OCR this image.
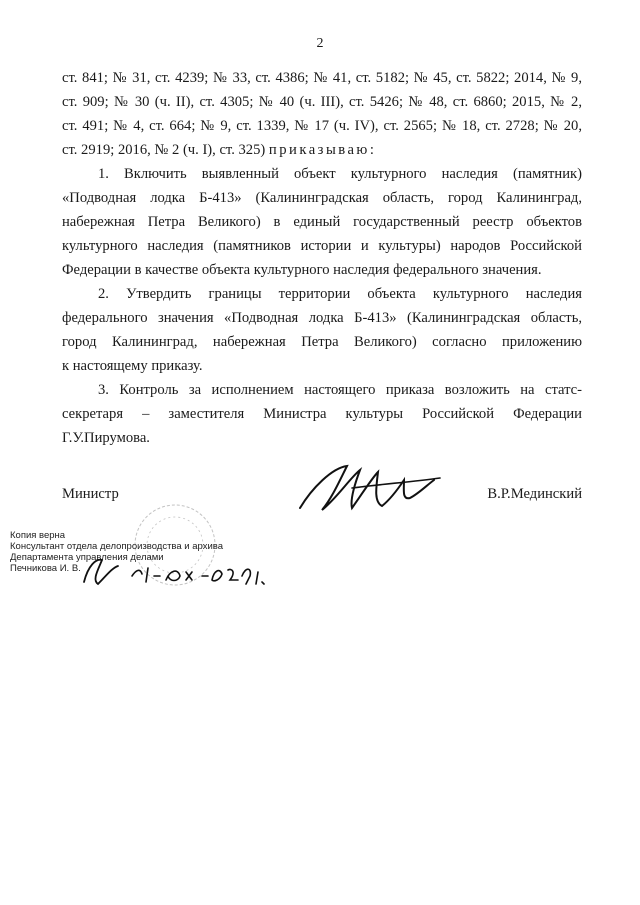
2
ст. 841; № 31, ст. 4239; № 33, ст. 4386; № 41, ст. 5182; № 45, ст. 5822; 2014, № 9,
ст. 909; № 30 (ч. II), ст. 4305; № 40 (ч. III), ст. 5426; № 48, ст. 6860; 2015, № 2,
ст. 491; № 4, ст. 664; № 9, ст. 1339, № 17 (ч. IV), ст. 2565; № 18, ст. 2728; № 20,
ст. 2919; 2016, № 2 (ч. I), ст. 325) приказываю:
1. Включить выявленный объект культурного наследия (памятник)
«Подводная лодка Б-413» (Калининградская область, город Калининград,
набережная Петра Великого) в единый государственный реестр объектов
культурного наследия (памятников истории и культуры) народов Российской
Федерации в качестве объекта культурного наследия федерального значения.
2. Утвердить границы территории объекта культурного наследия
федерального значения «Подводная лодка Б-413» (Калининградская область,
город Калининград, набережная Петра Великого) согласно приложению
к настоящему приказу.
3. Контроль за исполнением настоящего приказа возложить на статс-
секретаря – заместителя Министра культуры Российской Федерации
Г.У.Пирумова.
Министр	В.Р.Мединский
Копия верна
Консультант отдела делопроизводства и архива
Департамента управления делами
Печникова И. В.
